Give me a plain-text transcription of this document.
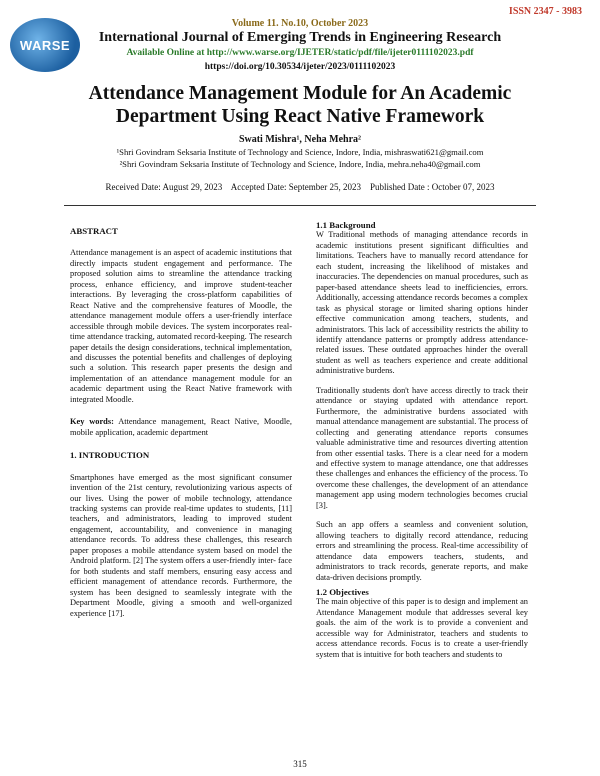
ISSN 2347 - 3983
WARSE
Volume 11. No.10, October 2023
International Journal of Emerging Trends in Engineering Research
Available Online at http://www.warse.org/IJETER/static/pdf/file/ijeter0111102023.pdf
https://doi.org/10.30534/ijeter/2023/0111102023
Attendance Management Module for An Academic
Department Using React Native Framework
Swati Mishra¹, Neha Mehra²
¹Shri Govindram Seksaria Institute of Technology and Science, Indore, India, mishraswati621@gmail.com
²Shri Govindram Seksaria Institute of Technology and Science, Indore, India, mehra.neha40@gmail.com
Received Date: August 29, 2023    Accepted Date: September 25, 2023    Published Date : October 07, 2023

ABSTRACT

Attendance management is an aspect of academic institutions that directly impacts student engagement and performance. The proposed solution aims to streamline the attendance tracking process, enhance efficiency, and improve student-teacher interactions. By leveraging the cross-platform capabilities of React Native and the comprehensive features of Moodle, the attendance management module offers a user-friendly interface accessible through mobile devices. The system incorporates real-time attendance tracking, automated record-keeping. The research paper details the design considerations, technical implementation, and discusses the potential benefits and challenges of deploying such a solution. This research paper presents the design and implementation of an attendance management module for an academic department using the React Native framework with integrated Moodle.

Key words: Attendance management, React Native, Moodle, mobile application, academic department

1. INTRODUCTION

Smartphones have emerged as the most significant consumer invention of the 21st century, revolutionizing various aspects of our lives. Using the power of mobile technology, attendance tracking systems can provide real-time updates to students, [11] teachers, and administrators, leading to improved student engagement, accountability, and convenience in managing attendance records. To address these challenges, this research paper proposes a mobile attendance system based on model the Android platform. [2] The system offers a user-friendly inter- face for both students and staff members, ensuring easy access and efficient management of attendance records. Furthermore, the system has been designed to seamlessly integrate with the Department Moodle, giving a smooth and well-organized experience [17].

1.1 Background

W Traditional methods of managing attendance records in academic institutions present significant difficulties and limitations. Teachers have to manually record attendance for each student, increasing the likelihood of mistakes and inaccuracies. The dependencies on manual procedures, such as paper-based attendance sheets lead to inefficiencies, errors. Additionally, accessing attendance records becomes a complex task as physical storage or limited sharing options hinder effective communication among teachers, students, and administrators. This lack of accessibility restricts the ability to identify attendance patterns or promptly address attendance-related issues. These outdated approaches hinder the overall student as well as teachers experience and create additional administrative burdens.

Traditionally students don't have access directly to track their attendance or staying updated with attendance report. Furthermore, the administrative burdens associated with manual attendance management are substantial. The process of collecting and generating attendance reports consumes valuable administrative time and resources diverting attention from other essential tasks. There is a clear need for a modern and effective system to manage attendance, one that addresses these challenges and enhances the efficiency of the process. To overcome these challenges, the development of an attendance management app using modern technologies becomes crucial [3].

Such an app offers a seamless and convenient solution, allowing teachers to digitally record attendance, reducing errors and streamlining the process. Real-time accessibility of attendance data empowers teachers, students, and administrators to track records, generate reports, and make data-driven decisions promptly.

1.2 Objectives

The main objective of this paper is to design and implement an Attendance Management module that addresses several key goals. the aim of the work is to provide a convenient and accessible way for Administrator, teachers and students to access attendance records. Focus is to create a user-friendly system that is intuitive for both teachers and students to

315
